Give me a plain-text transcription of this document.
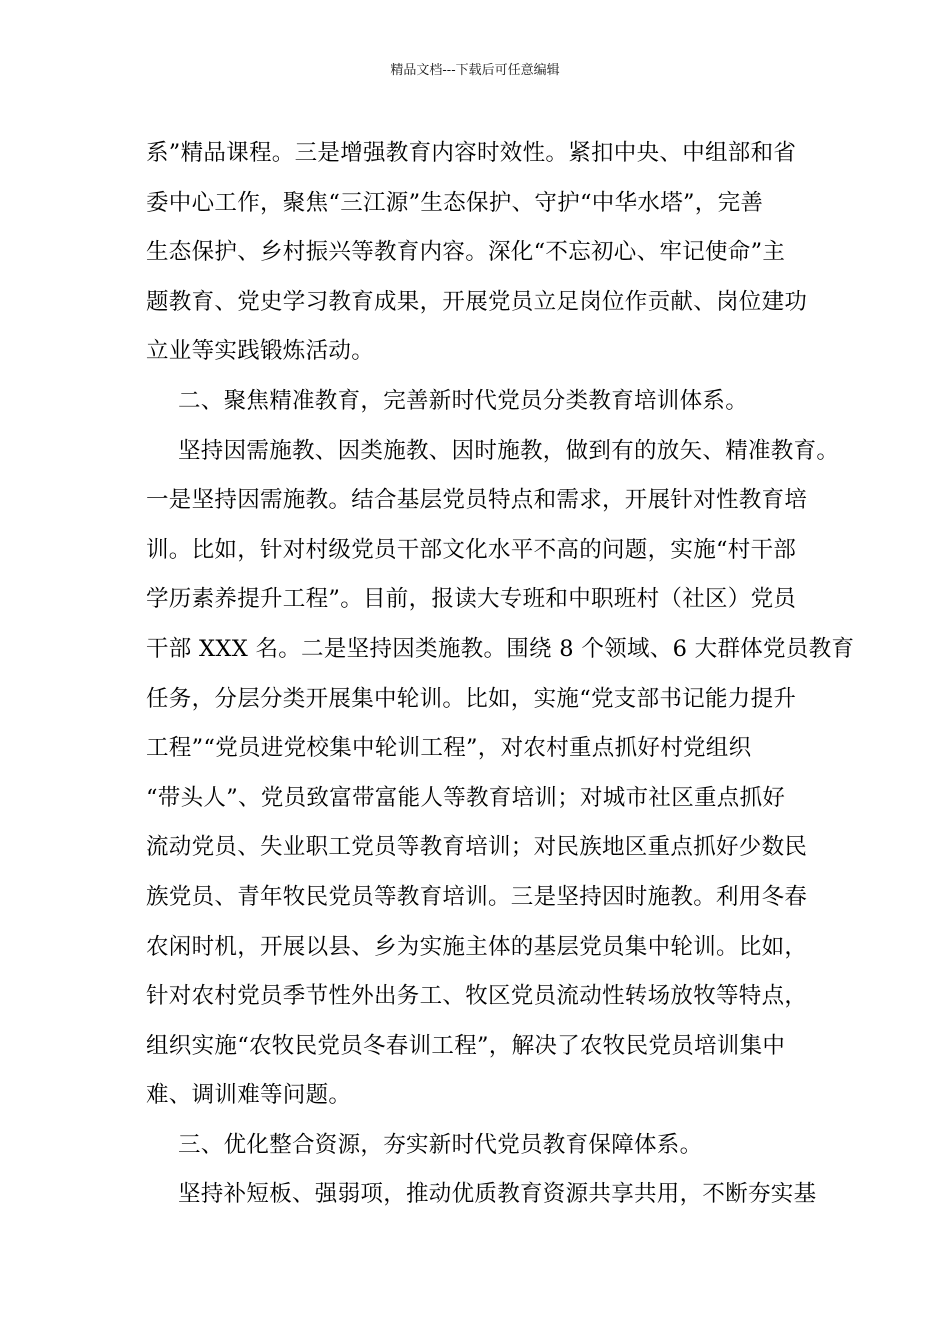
精品文档---下载后可任意编辑
系”精品课程。三是增强教育内容时效性。紧扣中央、中组部和省
委中心工作，聚焦“三江源”生态保护、守护“中华水塔”，完善
生态保护、乡村振兴等教育内容。深化“不忘初心、牢记使命”主
题教育、党史学习教育成果，开展党员立足岗位作贡献、岗位建功
立业等实践锻炼活动。
二、聚焦精准教育，完善新时代党员分类教育培训体系。
坚持因需施教、因类施教、因时施教，做到有的放矢、精准教育。
一是坚持因需施教。结合基层党员特点和需求，开展针对性教育培
训。比如，针对村级党员干部文化水平不高的问题，实施“村干部
学历素养提升工程”。目前，报读大专班和中职班村（社区）党员
干部 XXX 名。二是坚持因类施教。围绕 8 个领域、6 大群体党员教育
任务，分层分类开展集中轮训。比如，实施“党支部书记能力提升
工程”“党员进党校集中轮训工程”，对农村重点抓好村党组织
“带头人”、党员致富带富能人等教育培训；对城市社区重点抓好
流动党员、失业职工党员等教育培训；对民族地区重点抓好少数民
族党员、青年牧民党员等教育培训。三是坚持因时施教。利用冬春
农闲时机，开展以县、乡为实施主体的基层党员集中轮训。比如，
针对农村党员季节性外出务工、牧区党员流动性转场放牧等特点，
组织实施“农牧民党员冬春训工程”，解决了农牧民党员培训集中
难、调训难等问题。
三、优化整合资源，夯实新时代党员教育保障体系。
坚持补短板、强弱项，推动优质教育资源共享共用，不断夯实基
